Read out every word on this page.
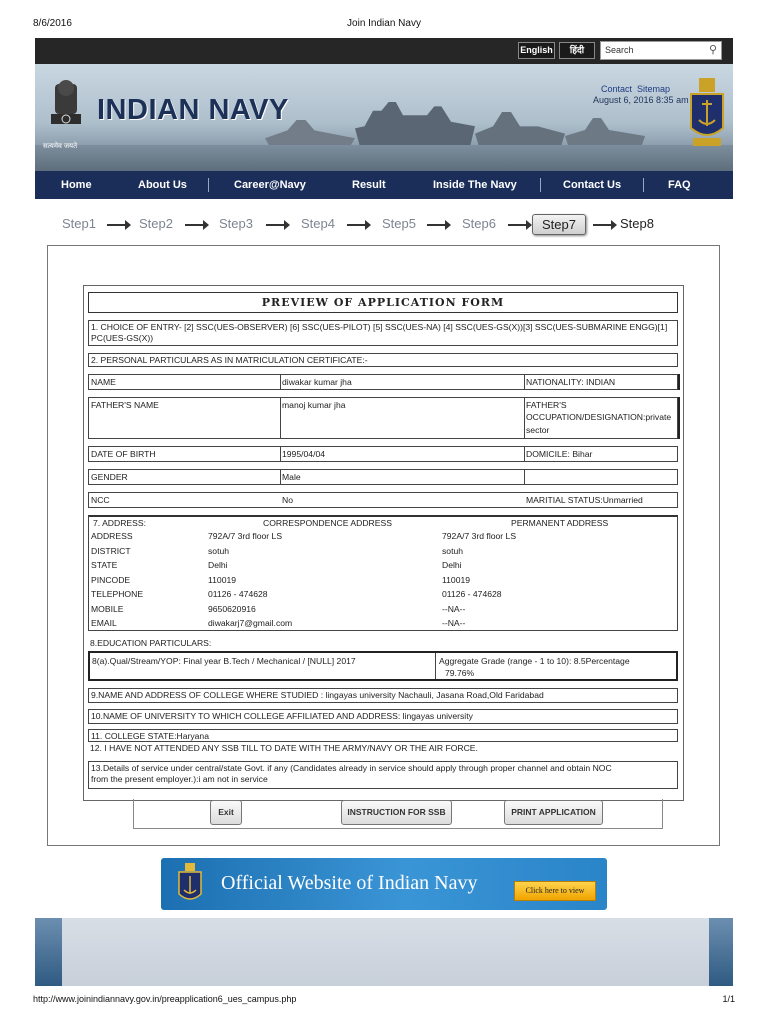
8/6/2016	Join Indian Navy
English	हिंदी	Search	⚲
सत्यमेव जयते
INDIAN NAVY
Contact Sitemap
August 6, 2016 8:35 am
Home	About Us	Career@Navy	Result	Inside The Navy	Contact Us	FAQ
Step1	Step2	Step3	Step4	Step5	Step6	Step7	Step8
PREVIEW OF APPLICATION FORM
1. CHOICE OF ENTRY- [2] SSC(UES-OBSERVER) [6] SSC(UES-PILOT) [5] SSC(UES-NA) [4] SSC(UES-GS(X))[3] SSC(UES-SUBMARINE ENGG)[1] PC(UES-GS(X))
2. PERSONAL PARTICULARS AS IN MATRICULATION CERTIFICATE:-
NAME	diwakar kumar jha	NATIONALITY: INDIAN
FATHER'S NAME	manoj kumar jha	FATHER'S
OCCUPATION/DESIGNATION:private
sector
DATE OF BIRTH	1995/04/04	DOMICILE: Bihar
GENDER	Male
NCC	No	MARITIAL STATUS:Unmarried
7. ADDRESS:	CORRESPONDENCE ADDRESS	PERMANENT ADDRESS
ADDRESS	792A/7 3rd floor LS	792A/7 3rd floor LS
DISTRICT	sotuh	sotuh
STATE	Delhi	Delhi
PINCODE	110019	110019
TELEPHONE	01126 - 474628	01126 - 474628
MOBILE	9650620916	--NA--
EMAIL	diwakarj7@gmail.com	--NA--
8.EDUCATION PARTICULARS:
8(a).Qual/Stream/YOP: Final year B.Tech / Mechanical / [NULL] 2017	Aggregate Grade (range - 1 to 10): 8.5Percentage
79.76%
9.NAME AND ADDRESS OF COLLEGE WHERE STUDIED : lingayas university Nachauli, Jasana Road,Old Faridabad
10.NAME OF UNIVERSITY TO WHICH COLLEGE AFFILIATED AND ADDRESS: lingayas university
11. COLLEGE STATE:Haryana
12. I HAVE NOT ATTENDED ANY SSB TILL TO DATE WITH THE ARMY/NAVY OR THE AIR FORCE.
13.Details of service under central/state Govt. if any (Candidates already in service should apply through proper channel and obtain NOC
from the present employer.):i am not in service
Exit	INSTRUCTION FOR SSB	PRINT APPLICATION
Official Website of Indian Navy	Click here to view
http://www.joinindiannavy.gov.in/preapplication6_ues_campus.php	1/1
